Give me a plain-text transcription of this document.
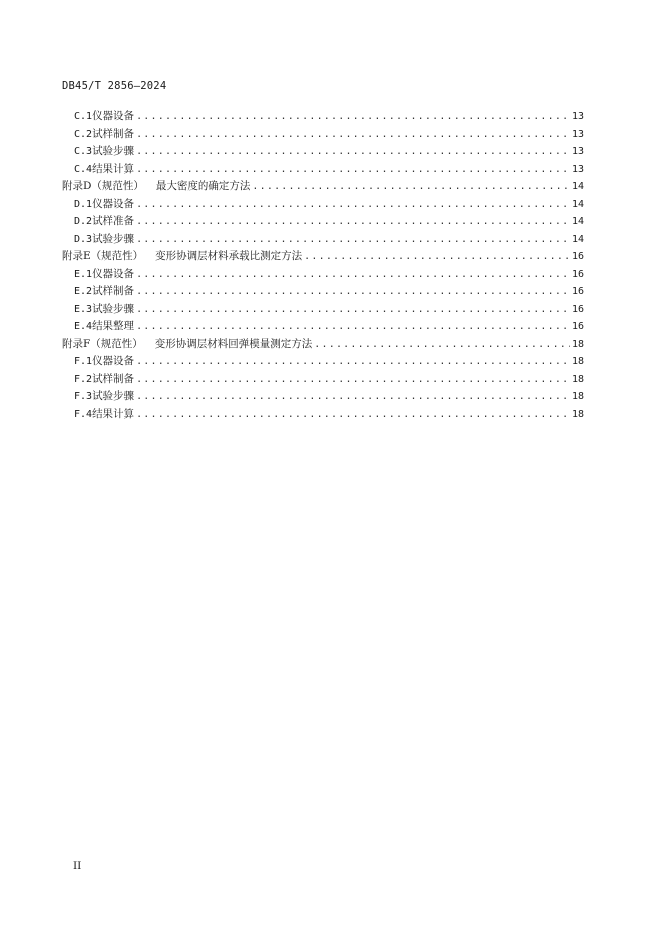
DB45/T 2856—2024
C.1 仪器设备 .....	13
C.2 试样制备 .....	13
C.3 试验步骤 .....	13
C.4 结果计算 .....	13
附录D（规范性） 最大密度的确定方法 .....	14
D.1 仪器设备 .....	14
D.2 试样准备 .....	14
D.3 试验步骤 .....	14
附录E（规范性） 变形协调层材料承载比测定方法 .....	16
E.1 仪器设备 .....	16
E.2 试样制备 .....	16
E.3 试验步骤 .....	16
E.4 结果整理 .....	16
附录F（规范性） 变形协调层材料回弹模量测定方法 .....	18
F.1 仪器设备 .....	18
F.2 试样制备 .....	18
F.3 试验步骤 .....	18
F.4 结果计算 .....	18
II
